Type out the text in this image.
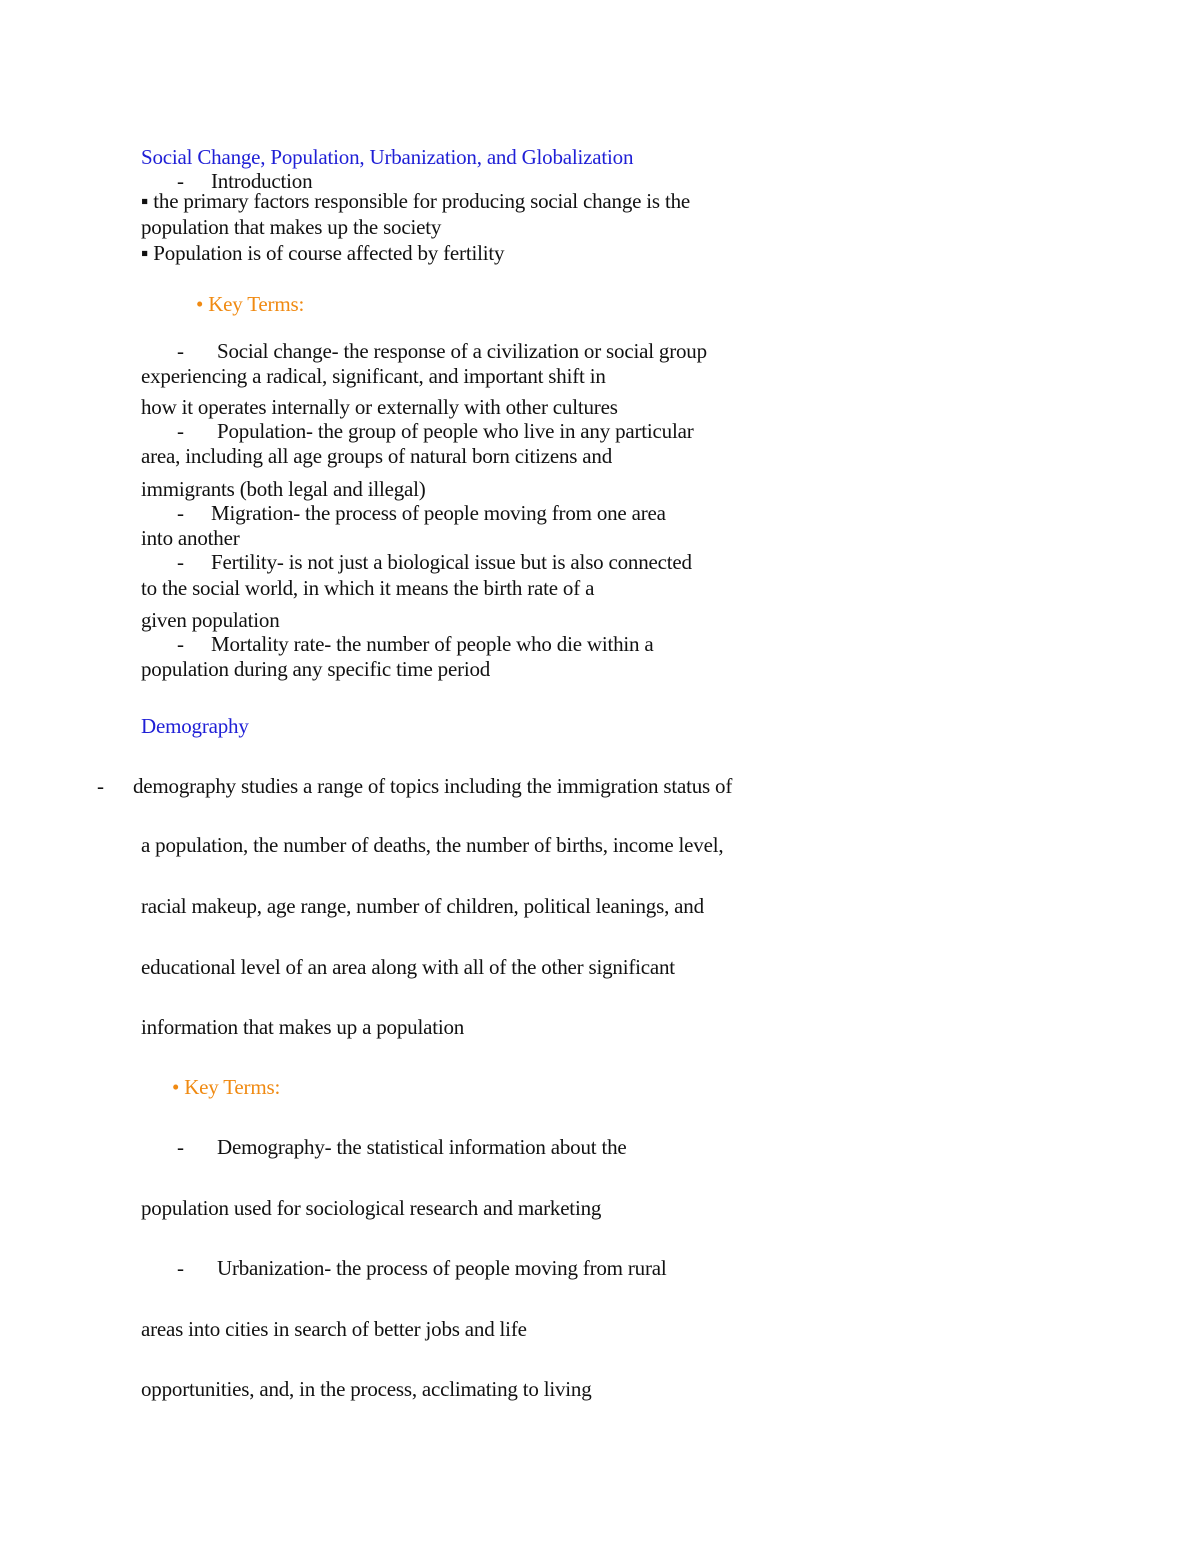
Social Change, Population, Urbanization, and Globalization
- Introduction
▪ the primary factors responsible for producing social change is the
population that makes up the society
▪ Population is of course affected by fertility
• Key Terms:
- Social change- the response of a civilization or social group
experiencing a radical, significant, and important shift in
how it operates internally or externally with other cultures
- Population- the group of people who live in any particular
area, including all age groups of natural born citizens and
immigrants (both legal and illegal)
- Migration- the process of people moving from one area
into another
- Fertility- is not just a biological issue but is also connected
to the social world, in which it means the birth rate of a
given population
- Mortality rate- the number of people who die within a
population during any specific time period
Demography
- demography studies a range of topics including the immigration status of
a population, the number of deaths, the number of births, income level,
racial makeup, age range, number of children, political leanings, and
educational level of an area along with all of the other significant
information that makes up a population
• Key Terms:
- Demography- the statistical information about the
population used for sociological research and marketing
- Urbanization- the process of people moving from rural
areas into cities in search of better jobs and life
opportunities, and, in the process, acclimating to living
